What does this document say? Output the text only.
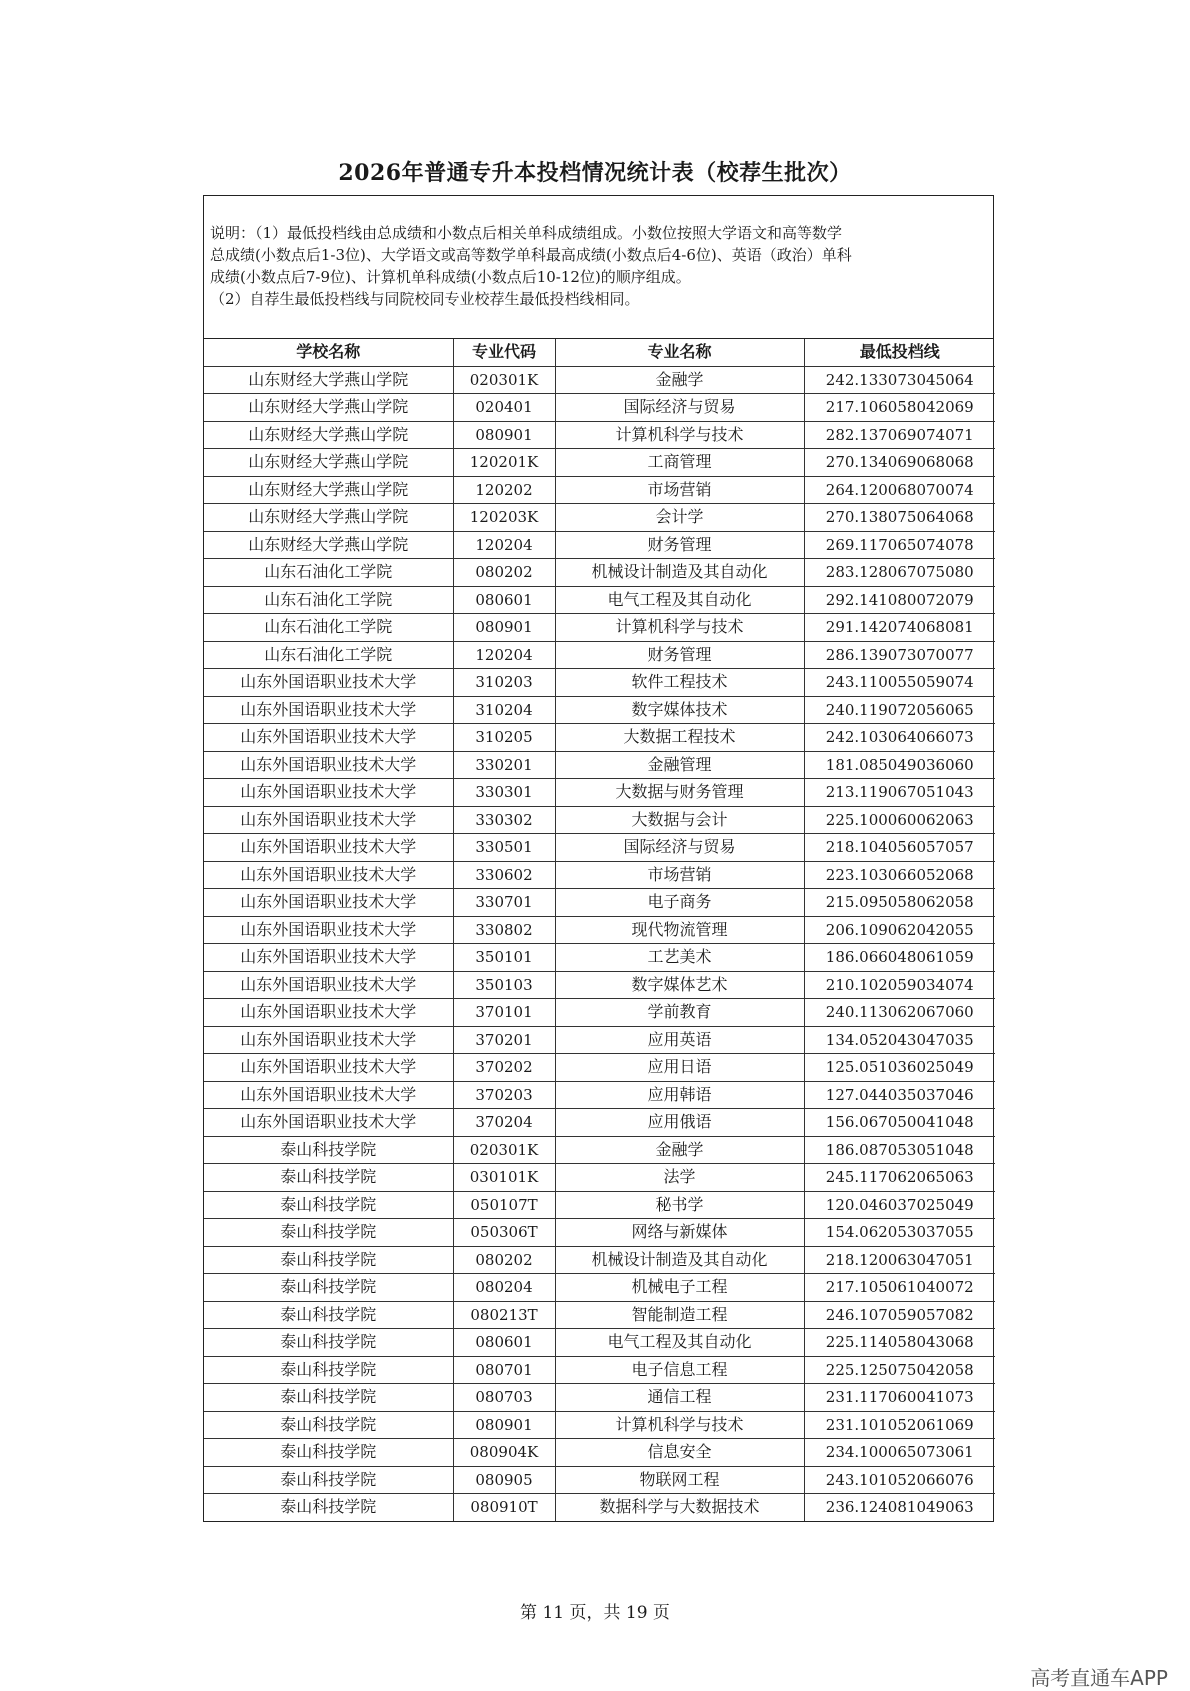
2026年普通专升本投档情况统计表（校荐生批次）

说明：（1）最低投档线由总成绩和小数点后相关单科成绩组成。小数位按照大学语文和高等数学

总成绩(小数点后1-3位)、大学语文或高等数学单科最高成绩(小数点后4-6位)、英语（政治）单科

成绩(小数点后7-9位)、计算机单科成绩(小数点后10-12位)的顺序组成。

（2）自荐生最低投档线与同院校同专业校荐生最低投档线相同。

学校名称	专业代码	专业名称	最低投档线
山东财经大学燕山学院	020301K	金融学	242.133073045064
山东财经大学燕山学院	020401	国际经济与贸易	217.106058042069
山东财经大学燕山学院	080901	计算机科学与技术	282.137069074071
山东财经大学燕山学院	120201K	工商管理	270.134069068068
山东财经大学燕山学院	120202	市场营销	264.120068070074
山东财经大学燕山学院	120203K	会计学	270.138075064068
山东财经大学燕山学院	120204	财务管理	269.117065074078
山东石油化工学院	080202	机械设计制造及其自动化	283.128067075080
山东石油化工学院	080601	电气工程及其自动化	292.141080072079
山东石油化工学院	080901	计算机科学与技术	291.142074068081
山东石油化工学院	120204	财务管理	286.139073070077
山东外国语职业技术大学	310203	软件工程技术	243.110055059074
山东外国语职业技术大学	310204	数字媒体技术	240.119072056065
山东外国语职业技术大学	310205	大数据工程技术	242.103064066073
山东外国语职业技术大学	330201	金融管理	181.085049036060
山东外国语职业技术大学	330301	大数据与财务管理	213.119067051043
山东外国语职业技术大学	330302	大数据与会计	225.100060062063
山东外国语职业技术大学	330501	国际经济与贸易	218.104056057057
山东外国语职业技术大学	330602	市场营销	223.103066052068
山东外国语职业技术大学	330701	电子商务	215.095058062058
山东外国语职业技术大学	330802	现代物流管理	206.109062042055
山东外国语职业技术大学	350101	工艺美术	186.066048061059
山东外国语职业技术大学	350103	数字媒体艺术	210.102059034074
山东外国语职业技术大学	370101	学前教育	240.113062067060
山东外国语职业技术大学	370201	应用英语	134.052043047035
山东外国语职业技术大学	370202	应用日语	125.051036025049
山东外国语职业技术大学	370203	应用韩语	127.044035037046
山东外国语职业技术大学	370204	应用俄语	156.067050041048
泰山科技学院	020301K	金融学	186.087053051048
泰山科技学院	030101K	法学	245.117062065063
泰山科技学院	050107T	秘书学	120.046037025049
泰山科技学院	050306T	网络与新媒体	154.062053037055
泰山科技学院	080202	机械设计制造及其自动化	218.120063047051
泰山科技学院	080204	机械电子工程	217.105061040072
泰山科技学院	080213T	智能制造工程	246.107059057082
泰山科技学院	080601	电气工程及其自动化	225.114058043068
泰山科技学院	080701	电子信息工程	225.125075042058
泰山科技学院	080703	通信工程	231.117060041073
泰山科技学院	080901	计算机科学与技术	231.101052061069
泰山科技学院	080904K	信息安全	234.100065073061
泰山科技学院	080905	物联网工程	243.101052066076
泰山科技学院	080910T	数据科学与大数据技术	236.124081049063
第 11 页，共 19 页
高考直通车APP
